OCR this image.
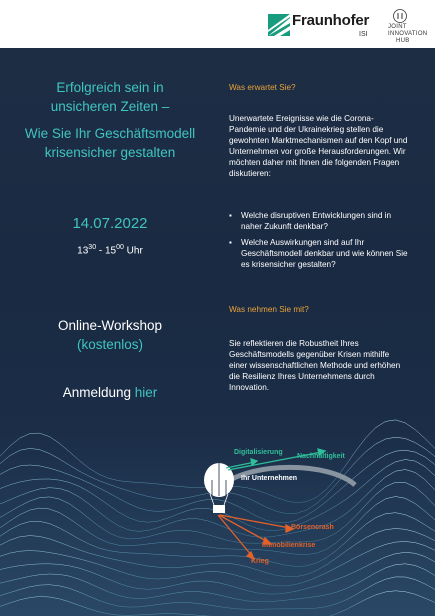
Fraunhofer
ISI
JOINT
INNOVATION
HUB
Erfolgreich sein in
unsicheren Zeiten –
Wie Sie Ihr Geschäftsmodell
krisensicher gestalten
14.07.2022
$13^{30} - 15^{00}$ Uhr
Online-Workshop
(kostenlos)
Anmeldung hier
Was erwartet Sie?
Unerwartete Ereignisse wie die Corona-Pandemie und der Ukrainekrieg stellen die gewohnten Marktmechanismen auf den Kopf und Unternehmen vor große Herausforderungen. Wir möchten daher mit Ihnen die folgenden Fragen diskutieren:
▪ Welche disruptiven Entwicklungen sind in naher Zukunft denkbar?
▪ Welche Auswirkungen sind auf Ihr Geschäftsmodell denkbar und wie können Sie es krisensicher gestalten?
Was nehmen Sie mit?
Sie reflektieren die Robustheit Ihres Geschäftsmodells gegenüber Krisen mithilfe einer wissenschaftlichen Methode und erhöhen die Resilienz Ihres Unternehmens durch Innovation.
Digitalisierung
Nachhaltigkeit
Ihr Unternehmen
Börsencrash
Immobilienkrise
Krieg
